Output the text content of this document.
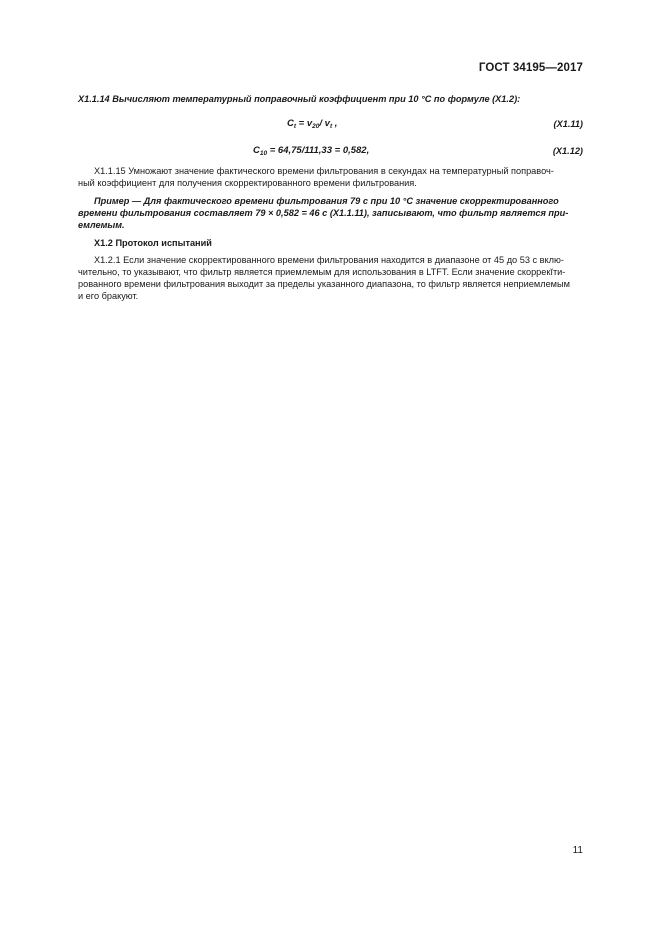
ГОСТ 34195—2017
X1.1.14 Вычисляют температурный поправочный коэффициент при 10 °C по формуле (X1.2):
$C_t = v_{20}/$ $v_t$ ,	(X1.11)
$C_{10} = 64,75/111,33 = 0,582$,	(X1.12)
X1.1.15 Умножают значение фактического времени фильтрования в секундах на температурный поправоч-
ный коэффициент для получения скорректированного времени фильтрования.
Пример — Для фактического времени фильтрования 79 с при 10 °C значение скорректированного
времени фильтрования составляет 79 × 0,582 = 46 с (X1.1.11), записывают, что фильтр является при-
емлемым.
X1.2 Протокол испытаний
X1.2.1 Если значение скорректированного времени фильтрования находится в диапазоне от 45 до 53 с вклю-
чительно, то указывают, что фильтр является приемлемым для использования в LTFT. Если значение скоррекĭти-
рованного времени фильтрования выходит за пределы указанного диапазона, то фильтр является неприемлемым
и его бракуют.
11
